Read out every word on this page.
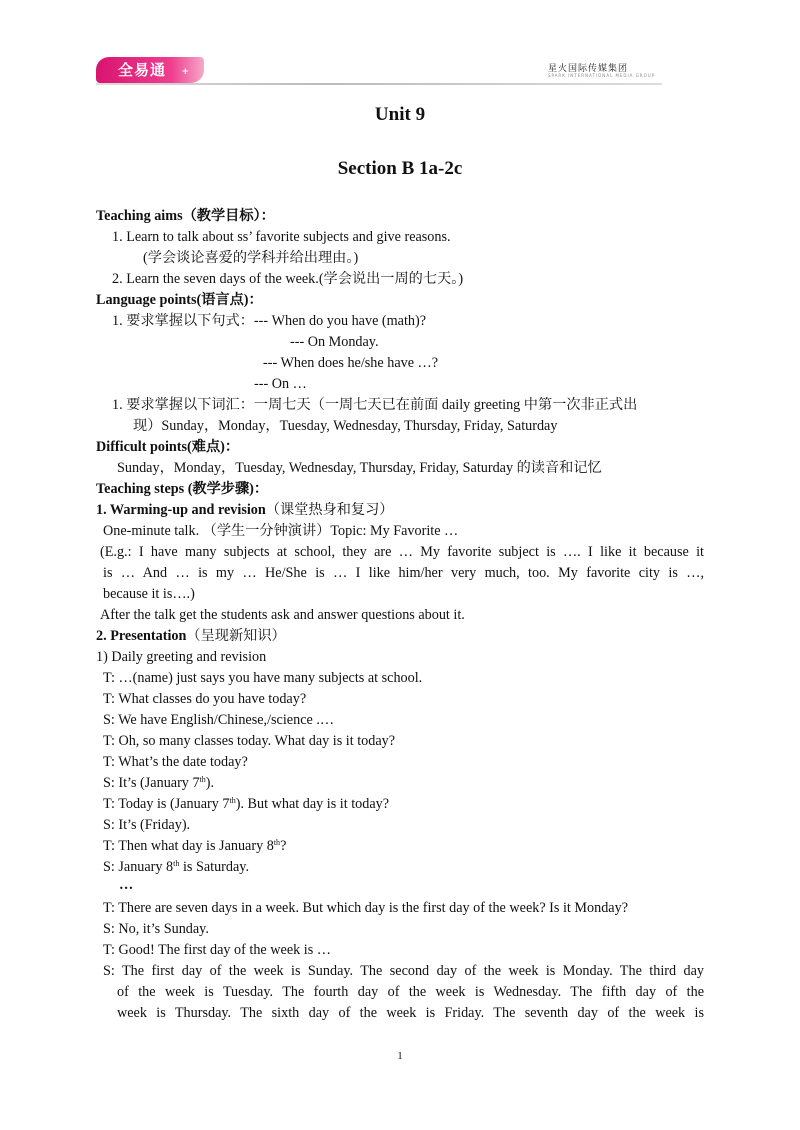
全易通 +	星火国际传媒集团
SPARK INTERNATIONAL MEDIA GROUP
Unit 9
Section B 1a-2c
Teaching aims（教学目标）：
1. Learn to talk about ss’ favorite subjects and give reasons.
(学会谈论喜爱的学科并给出理由。)
2. Learn the seven days of the week.(学会说出一周的七天。)
Language points(语言点)：
1. 要求掌握以下句式：--- When do you have (math)?
--- On Monday.
--- When does he/she have …?
--- On …
1. 要求掌握以下词汇：一周七天（一周七天已在前面 daily greeting 中第一次非正式出
现）Sunday，Monday，Tuesday, Wednesday, Thursday, Friday, Saturday
Difficult points(难点)：
Sunday，Monday，Tuesday, Wednesday, Thursday, Friday, Saturday 的读音和记忆
Teaching steps (教学步骤)：
1. Warming-up and revision（课堂热身和复习）
One-minute talk. （学生一分钟演讲）Topic: My Favorite …
(E.g.: I have many subjects at school, they are … My favorite subject is …. I like it because it
is … And … is my … He/She is … I like him/her very much, too. My favorite city is …,
because it is….)
After the talk get the students ask and answer questions about it.
2. Presentation（呈现新知识）
1) Daily greeting and revision
T: …(name) just says you have many subjects at school.
T: What classes do you have today?
S: We have English/Chinese,/science .…
T: Oh, so many classes today. What day is it today?
T: What’s the date today?
S: It’s (January 7th).
T: Today is (January 7th). But what day is it today?
S: It’s (Friday).
T: Then what day is January 8th?
S: January 8th is Saturday.
…
T: There are seven days in a week. But which day is the first day of the week? Is it Monday?
S: No, it’s Sunday.
T: Good! The first day of the week is …
S: The first day of the week is Sunday. The second day of the week is Monday. The third day
of the week is Tuesday. The fourth day of the week is Wednesday. The fifth day of the
week is Thursday. The sixth day of the week is Friday. The seventh day of the week is
1
